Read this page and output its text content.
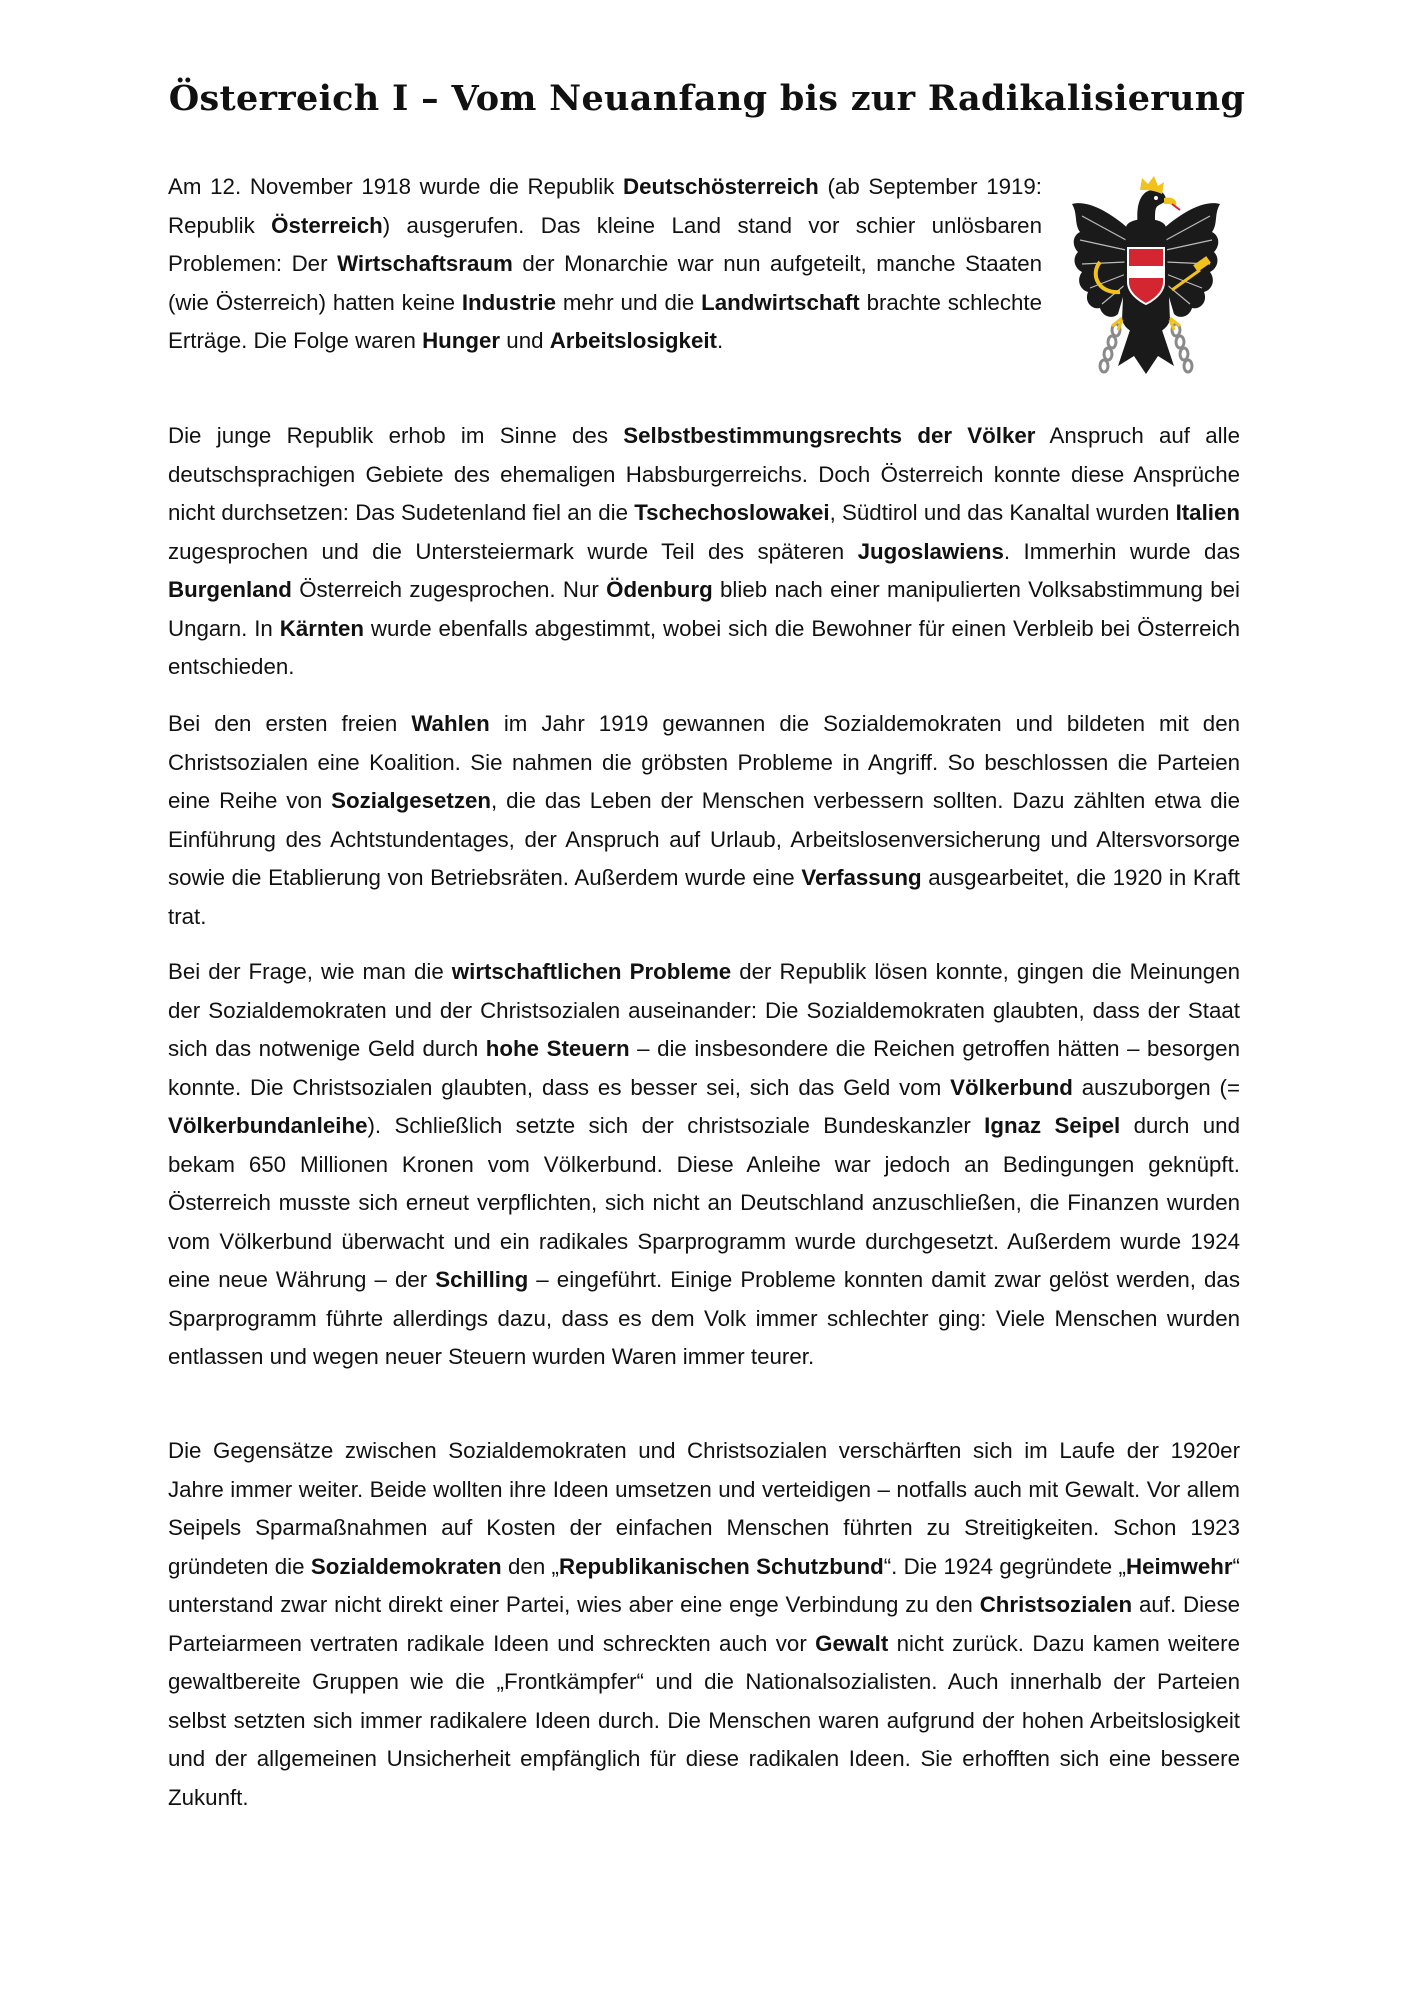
Österreich I – Vom Neuanfang bis zur Radikalisierung

Am 12. November 1918 wurde die Republik Deutschösterreich (ab September 1919: Republik Österreich) ausgerufen. Das kleine Land stand vor schier unlösbaren Problemen: Der Wirtschaftsraum der Monarchie war nun aufgeteilt, manche Staaten (wie Österreich) hatten keine Industrie mehr und die Landwirtschaft brachte schlechte Erträge. Die Folge waren Hunger und Arbeitslosigkeit.

Die junge Republik erhob im Sinne des Selbstbestimmungsrechts der Völker Anspruch auf alle deutschsprachigen Gebiete des ehemaligen Habsburgerreichs. Doch Österreich konnte diese Ansprüche nicht durchsetzen: Das Sudetenland fiel an die Tschechoslowakei, Südtirol und das Kanaltal wurden Italien zugesprochen und die Untersteiermark wurde Teil des späteren Jugoslawiens. Immerhin wurde das Burgenland Österreich zugesprochen. Nur Ödenburg blieb nach einer manipulierten Volksabstimmung bei Ungarn. In Kärnten wurde ebenfalls abgestimmt, wobei sich die Bewohner für einen Verbleib bei Österreich entschieden.

Bei den ersten freien Wahlen im Jahr 1919 gewannen die Sozialdemokraten und bildeten mit den Christsozialen eine Koalition. Sie nahmen die gröbsten Probleme in Angriff. So beschlossen die Parteien eine Reihe von Sozialgesetzen, die das Leben der Menschen verbessern sollten. Dazu zählten etwa die Einführung des Achtstundentages, der Anspruch auf Urlaub, Arbeitslosenversicherung und Altersvorsorge sowie die Etablierung von Betriebsräten. Außerdem wurde eine Verfassung ausgearbeitet, die 1920 in Kraft trat.

Bei der Frage, wie man die wirtschaftlichen Probleme der Republik lösen konnte, gingen die Meinungen der Sozialdemokraten und der Christsozialen auseinander: Die Sozialdemokraten glaubten, dass der Staat sich das notwenige Geld durch hohe Steuern – die insbesondere die Reichen getroffen hätten – besorgen konnte. Die Christsozialen glaubten, dass es besser sei, sich das Geld vom Völkerbund auszuborgen (= Völkerbundanleihe). Schließlich setzte sich der christsoziale Bundeskanzler Ignaz Seipel durch und bekam 650 Millionen Kronen vom Völkerbund. Diese Anleihe war jedoch an Bedingungen geknüpft. Österreich musste sich erneut verpflichten, sich nicht an Deutschland anzuschließen, die Finanzen wurden vom Völkerbund überwacht und ein radikales Sparprogramm wurde durchgesetzt. Außerdem wurde 1924 eine neue Währung – der Schilling – eingeführt. Einige Probleme konnten damit zwar gelöst werden, das Sparprogramm führte allerdings dazu, dass es dem Volk immer schlechter ging: Viele Menschen wurden entlassen und wegen neuer Steuern wurden Waren immer teurer.

Die Gegensätze zwischen Sozialdemokraten und Christsozialen verschärften sich im Laufe der 1920er Jahre immer weiter. Beide wollten ihre Ideen umsetzen und verteidigen – notfalls auch mit Gewalt. Vor allem Seipels Sparmaßnahmen auf Kosten der einfachen Menschen führten zu Streitigkeiten. Schon 1923 gründeten die Sozialdemokraten den „Republikanischen Schutzbund“. Die 1924 gegründete „Heimwehr“ unterstand zwar nicht direkt einer Partei, wies aber eine enge Verbindung zu den Christsozialen auf. Diese Parteiarmeen vertraten radikale Ideen und schreckten auch vor Gewalt nicht zurück. Dazu kamen weitere gewaltbereite Gruppen wie die „Frontkämpfer“ und die Nationalsozialisten. Auch innerhalb der Parteien selbst setzten sich immer radikalere Ideen durch. Die Menschen waren aufgrund der hohen Arbeitslosigkeit und der allgemeinen Unsicherheit empfänglich für diese radikalen Ideen. Sie erhofften sich eine bessere Zukunft.
